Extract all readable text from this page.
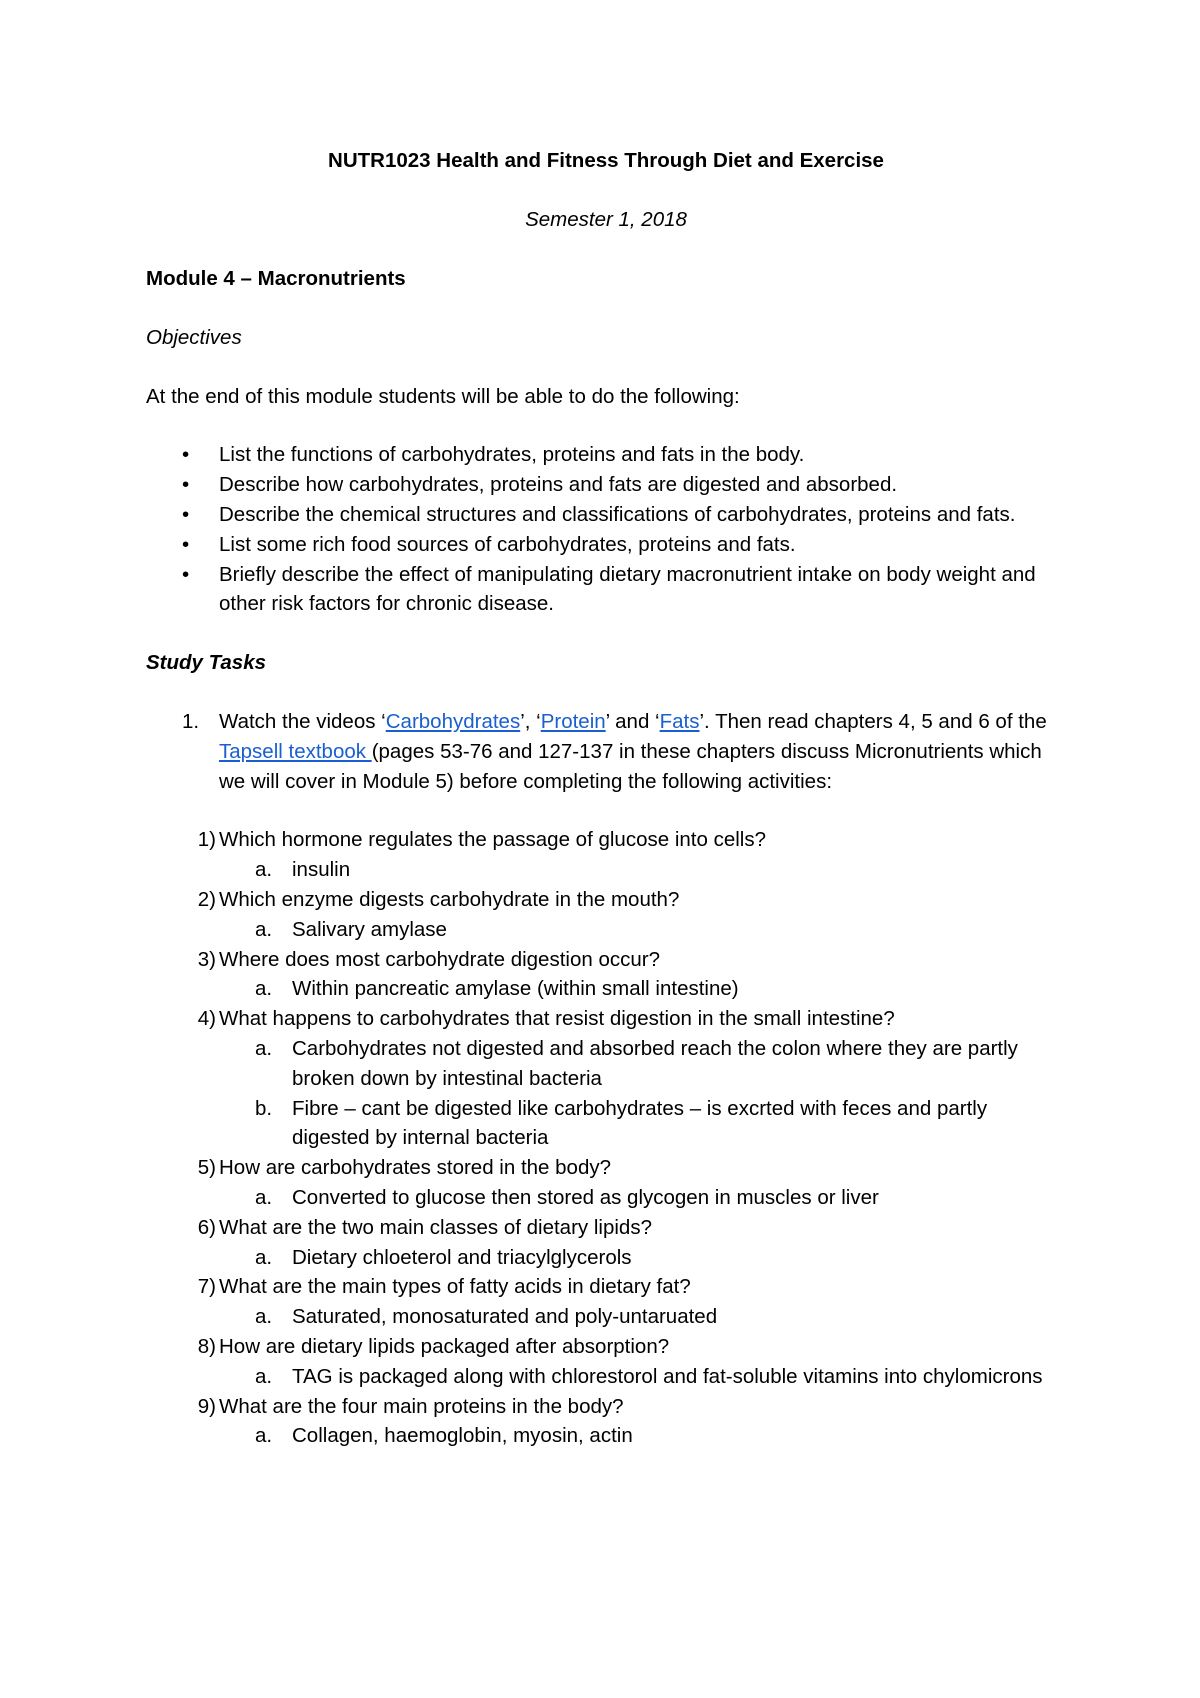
NUTR1023 Health and Fitness Through Diet and Exercise
Semester 1, 2018
Module 4 – Macronutrients
Objectives
At the end of this module students will be able to do the following:
• List the functions of carbohydrates, proteins and fats in the body.
• Describe how carbohydrates, proteins and fats are digested and absorbed.
• Describe the chemical structures and classifications of carbohydrates, proteins and fats.
• List some rich food sources of carbohydrates, proteins and fats.
• Briefly describe the effect of manipulating dietary macronutrient intake on body weight and other risk factors for chronic disease.
Study Tasks
1. Watch the videos ‘Carbohydrates’, ‘Protein’ and ‘Fats’. Then read chapters 4, 5 and 6 of the Tapsell textbook (pages 53-76 and 127-137 in these chapters discuss Micronutrients which we will cover in Module 5) before completing the following activities:
1) Which hormone regulates the passage of glucose into cells?
a. insulin
2) Which enzyme digests carbohydrate in the mouth?
a. Salivary amylase
3) Where does most carbohydrate digestion occur?
a. Within pancreatic amylase (within small intestine)
4) What happens to carbohydrates that resist digestion in the small intestine?
a. Carbohydrates not digested and absorbed reach the colon where they are partly broken down by intestinal bacteria
b. Fibre – cant be digested like carbohydrates – is excrted with feces and partly digested by internal bacteria
5) How are carbohydrates stored in the body?
a. Converted to glucose then stored as glycogen in muscles or liver
6) What are the two main classes of dietary lipids?
a. Dietary chloeterol and triacylglycerols
7) What are the main types of fatty acids in dietary fat?
a. Saturated, monosaturated and poly-untaruated
8) How are dietary lipids packaged after absorption?
a. TAG is packaged along with chlorestorol and fat-soluble vitamins into chylomicrons
9) What are the four main proteins in the body?
a. Collagen, haemoglobin, myosin, actin
